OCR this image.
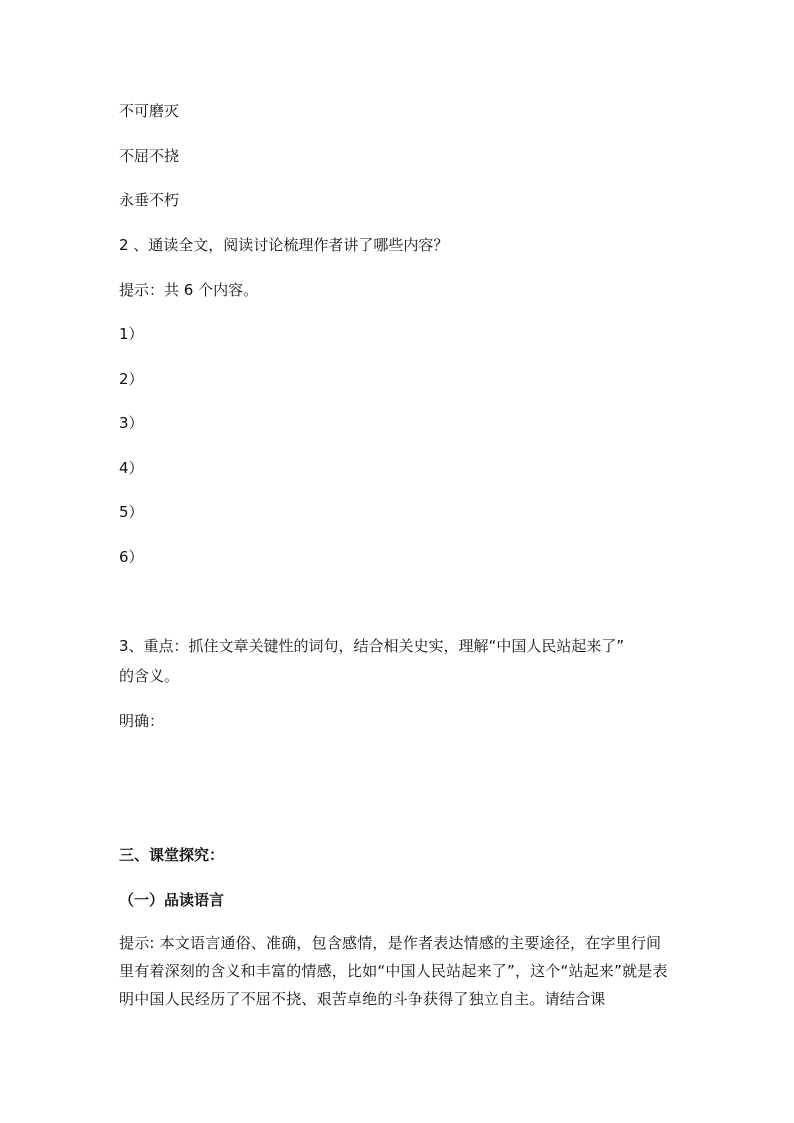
不可磨灭
不屈不挠
永垂不朽
2 、通读全文，阅读讨论梳理作者讲了哪些内容？
提示：共 6 个内容。
1）
2）
3）
4）
5）
6）
3、重点：抓住文章关键性的词句，结合相关史实，理解“中国人民站起来了”
的含义。
明确：
三、课堂探究：
（一）品读语言
提示: 本文语言通俗、准确，包含感情，是作者表达情感的主要途径，在字里行间里有着深刻的含义和丰富的情感，比如“中国人民站起来了”，这个“站起来”就是表明中国人民经历了不屈不挠、艰苦卓绝的斗争获得了独立自主。请结合课
